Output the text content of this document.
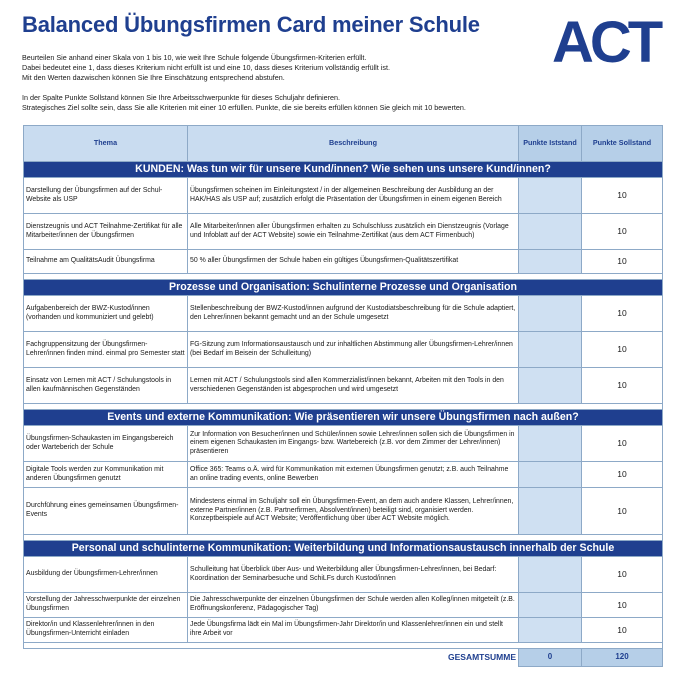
Balanced Übungsfirmen Card meiner Schule ACT

Beurteilen Sie anhand einer Skala von 1 bis 10, wie weit Ihre Schule folgende Übungsfirmen-Kriterien erfüllt.

Dabei bedeutet eine 1, dass dieses Kriterium nicht erfüllt ist und eine 10, dass dieses Kriterium vollständig erfüllt ist.

Mit den Werten dazwischen können Sie Ihre Einschätzung entsprechend abstufen.

In der Spalte Punkte Sollstand können Sie Ihre Arbeitsschwerpunkte für dieses Schuljahr definieren.

Strategisches Ziel sollte sein, dass Sie alle Kriterien mit einer 10 erfüllen. Punkte, die sie bereits erfüllen können Sie gleich mit 10 bewerten.

Thema	Beschreibung	Punkte Iststand	Punkte Sollstand
KUNDEN: Was tun wir für unsere Kund/innen? Wie sehen uns unsere Kund/innen?			
Darstellung der Übungsfirmen auf der Schul-Website als USP	Übungsfirmen scheinen im Einleitungstext / in der allgemeinen Beschreibung der Ausbildung an der HAK/HAS als USP auf; zusätzlich erfolgt die Präsentation der Übungsfirmen in einem eigenen Bereich		10
Dienstzeugnis und ACT Teilnahme-Zertifikat für alle Mitarbeiter/innen der Übungsfirmen	Alle Mitarbeiter/innen aller Übungsfirmen erhalten zu Schulschluss zusätzlich ein Dienstzeugnis (Vorlage und Infoblatt auf der ACT Website) sowie ein Teilnahme-Zertifikat (aus dem ACT Firmenbuch)		10
Teilnahme am QualitätsAudit Übungsfirma	50 % aller Übungsfirmen der Schule haben ein gültiges Übungsfirmen-Qualitätszertifikat		10

Prozesse und Organisation: Schulinterne Prozesse und Organisation			
Aufgabenbereich der BWZ-Kustod/innen (vorhanden und kommuniziert und gelebt)	Stellenbeschreibung der BWZ-Kustod/innen aufgrund der Kustodiatsbeschreibung für die Schule adaptiert, den Lehrer/innen bekannt gemacht und an der Schule umgesetzt		10
Fachgruppensitzung der Übungsfirmen-Lehrer/innen finden mind. einmal pro Semester statt	FG-Sitzung zum Informationsaustausch und zur inhaltlichen Abstimmung aller Übungsfirmen-Lehrer/innen (bei Bedarf im Beisein der Schulleitung)		10
Einsatz von Lernen mit ACT / Schulungstools in allen kaufmännischen Gegenständen	Lernen mit ACT / Schulungstools sind allen Kommerzialist/innen bekannt, Arbeiten mit den Tools in den verschiedenen Gegenständen ist abgesprochen und wird umgesetzt		10

Events und externe Kommunikation: Wie präsentieren wir unsere Übungsfirmen nach außen?			
Übungsfirmen-Schaukasten im Eingangsbereich oder Warteberich der Schule	Zur Information von Besucher/innen und Schüler/innen sowie Lehrer/innen sollen sich die Übungsfirmen in einem eigenen Schaukasten im Eingangs- bzw. Wartebereich (z.B. vor dem Zimmer der Lehrer/innen) präsentieren		10
Digitale Tools werden zur Kommunikation mit anderen Übungsfirmen genutzt	Office 365: Teams o.Ä. wird für Kommunikation mit externen Übungsfirmen genutzt; z.B. auch Teilnahme an online trading events, online Bewerben		10
Durchführung eines gemeinsamen Übungsfirmen-Events	Mindestens einmal im Schuljahr soll ein Übungsfirmen-Event, an dem auch andere Klassen, Lehrer/innen, externe Partner/innen (z.B. Partnerfirmen, Absolvent/innen) beteiligt sind, organisiert werden. Konzeptbeispiele auf ACT Website; Veröffentlichung über über ACT Website möglich.		10

Personal und schulinterne Kommunikation: Weiterbildung und Informationsaustausch innerhalb der Schule			
Ausbildung der Übungsfirmen-Lehrer/innen	Schulleitung hat Überblick über Aus- und Weiterbildung aller Übungsfirmen-Lehrer/innen, bei Bedarf: Koordination der Seminarbesuche und SchiLFs durch Kustod/innen		10
Vorstellung der Jahresschwerpunkte der einzelnen Übungsfirmen	Die Jahresschwerpunkte der einzelnen Übungsfirmen der Schule werden allen Kolleg/innen mitgeteilt (z.B. Eröffnungskonferenz, Pädagogischer Tag)		10
Direktor/in und Klassenlehrer/innen in den Übungsfirmen-Unterricht einladen	Jede Übungsfirma lädt ein Mal im Übungsfirmen-Jahr Direktor/in und Klassenlehrer/innen ein und stellt ihre Arbeit vor		10

GESAMTSUMME		0	120
